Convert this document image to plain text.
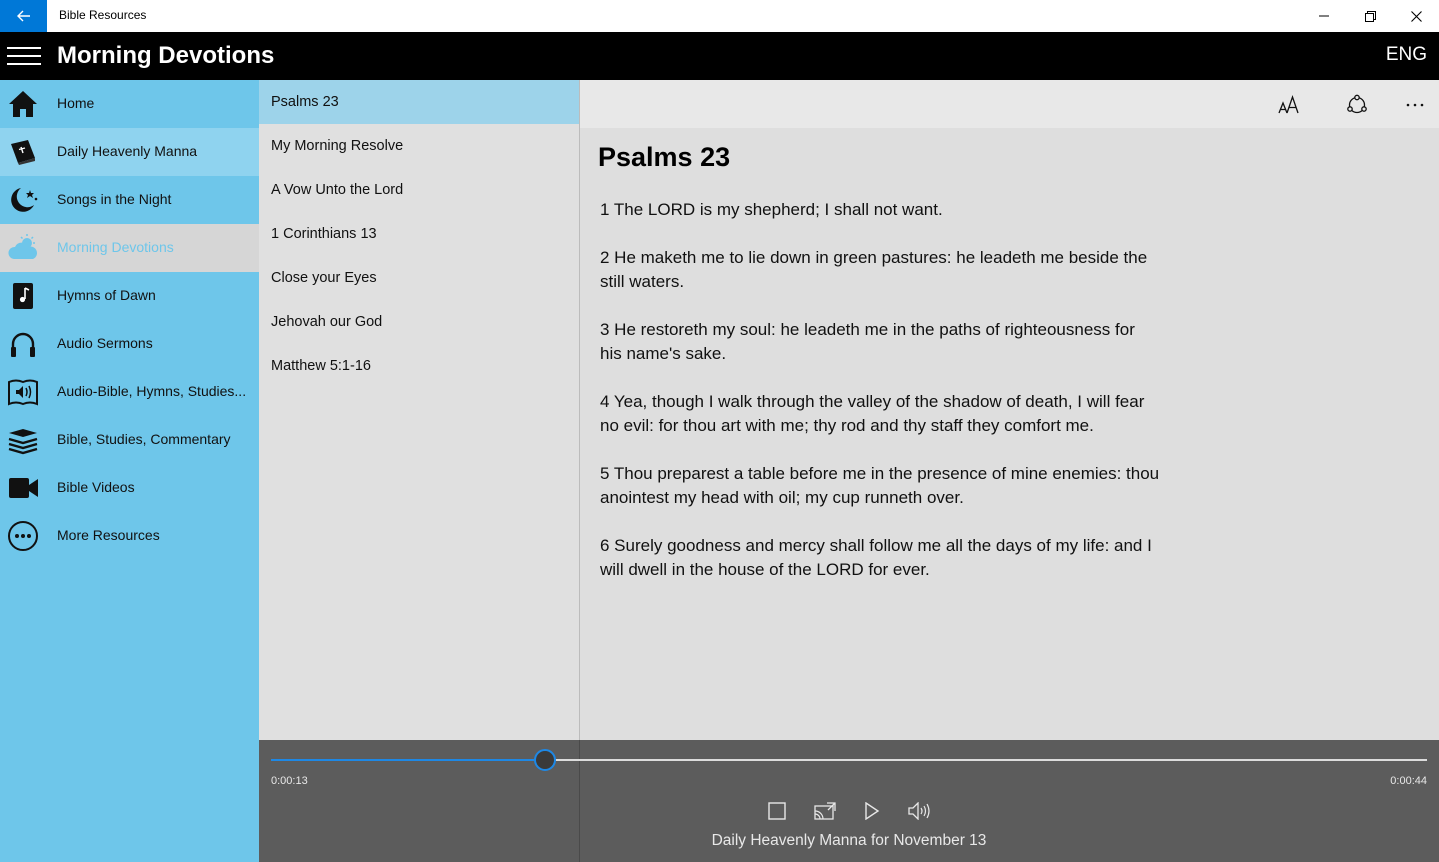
Bible Resources
Morning Devotions	ENG
Home
Daily Heavenly Manna
Songs in the Night
Morning Devotions
Hymns of Dawn
Audio Sermons
Audio-Bible, Hymns, Studies...
Bible, Studies, Commentary
Bible Videos
More Resources
Psalms 23
My Morning Resolve
A Vow Unto the Lord
1 Corinthians 13
Close your Eyes
Jehovah our God
Matthew 5:1-16
Psalms 23

1 The LORD is my shepherd; I shall not want.

2 He maketh me to lie down in green pastures: he leadeth me beside the still waters.

3 He restoreth my soul: he leadeth me in the paths of righteousness for his name's sake.

4 Yea, though I walk through the valley of the shadow of death, I will fear no evil: for thou art with me; thy rod and thy staff they comfort me.

5 Thou preparest a table before me in the presence of mine enemies: thou anointest my head with oil; my cup runneth over.

6 Surely goodness and mercy shall follow me all the days of my life: and I will dwell in the house of the LORD for ever.

0:00:13	0:00:44
Daily Heavenly Manna for November 13
